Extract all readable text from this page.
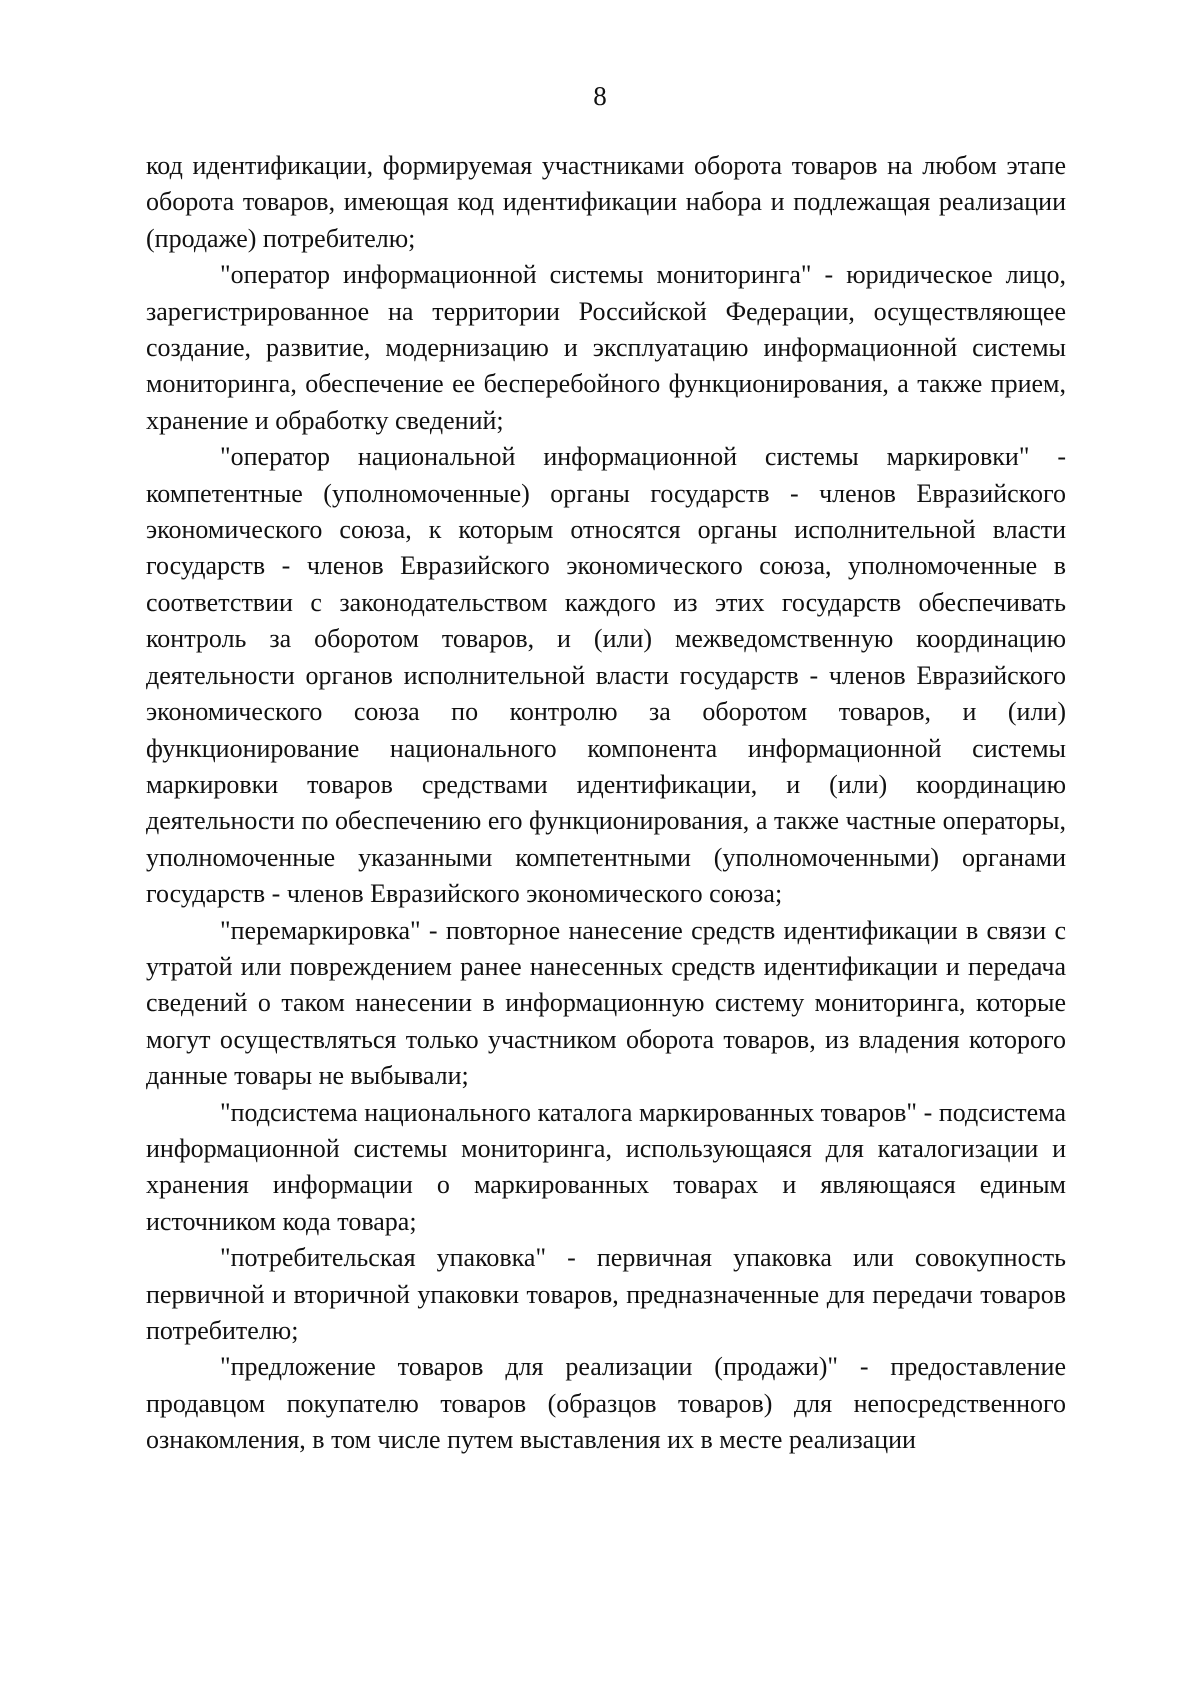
8

код идентификации, формируемая участниками оборота товаров на любом этапе оборота товаров, имеющая код идентификации набора и подлежащая реализации (продаже) потребителю;

"оператор информационной системы мониторинга" - юридическое лицо, зарегистрированное на территории Российской Федерации, осуществляющее создание, развитие, модернизацию и эксплуатацию информационной системы мониторинга, обеспечение ее бесперебойного функционирования, а также прием, хранение и обработку сведений;

"оператор национальной информационной системы маркировки" - компетентные (уполномоченные) органы государств - членов Евразийского экономического союза, к которым относятся органы исполнительной власти государств - членов Евразийского экономического союза, уполномоченные в соответствии с законодательством каждого из этих государств обеспечивать контроль за оборотом товаров, и (или) межведомственную координацию деятельности органов исполнительной власти государств - членов Евразийского экономического союза по контролю за оборотом товаров, и (или) функционирование национального компонента информационной системы маркировки товаров средствами идентификации, и (или) координацию деятельности по обеспечению его функционирования, а также частные операторы, уполномоченные указанными компетентными (уполномоченными) органами государств - членов Евразийского экономического союза;

"перемаркировка" - повторное нанесение средств идентификации в связи с утратой или повреждением ранее нанесенных средств идентификации и передача сведений о таком нанесении в информационную систему мониторинга, которые могут осуществляться только участником оборота товаров, из владения которого данные товары не выбывали;

"подсистема национального каталога маркированных товаров" - подсистема информационной системы мониторинга, использующаяся для каталогизации и хранения информации о маркированных товарах и являющаяся единым источником кода товара;

"потребительская упаковка" - первичная упаковка или совокупность первичной и вторичной упаковки товаров, предназначенные для передачи товаров потребителю;

"предложение товаров для реализации (продажи)" - предоставление продавцом покупателю товаров (образцов товаров) для непосредственного ознакомления, в том числе путем выставления их в месте реализации
